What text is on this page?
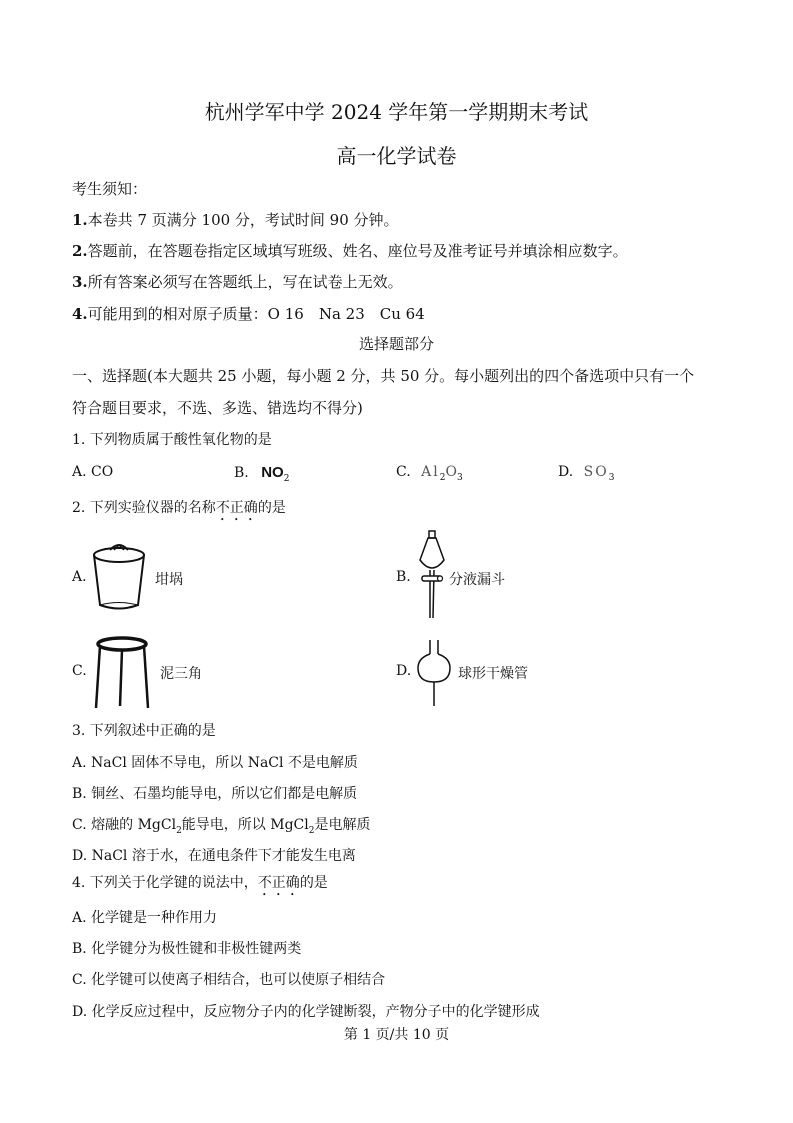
杭州学军中学 2024 学年第一学期期末考试
高一化学试卷
考生须知：
1.本卷共 7 页满分 100 分，考试时间 90 分钟。
2.答题前，在答题卷指定区域填写班级、姓名、座位号及准考证号并填涂相应数字。
3.所有答案必须写在答题纸上，写在试卷上无效。
4.可能用到的相对原子质量：O 16　Na 23　Cu 64
选择题部分
一、选择题(本大题共 25 小题，每小题 2 分，共 50 分。每小题列出的四个备选项中只有一个
符合题目要求，不选、多选、错选均不得分)
1. 下列物质属于酸性氧化物的是
A. CO	B. $NO_2$	C. $Al_2O_3$	D. $SO_3$
2. 下列实验仪器的名称不正确的是
A.	坩埚	B.	分液漏斗
C.	泥三角	D.	球形干燥管
3. 下列叙述中正确的是
A. NaCl 固体不导电，所以 NaCl 不是电解质
B. 铜丝、石墨均能导电，所以它们都是电解质
C. 熔融的 MgCl$_2$能导电，所以 MgCl$_2$是电解质
D. NaCl 溶于水，在通电条件下才能发生电离
4. 下列关于化学键的说法中，不正确的是
A. 化学键是一种作用力
B. 化学键分为极性键和非极性键两类
C. 化学键可以使离子相结合，也可以使原子相结合
D. 化学反应过程中，反应物分子内的化学键断裂，产物分子中的化学键形成
第 1 页/共 10 页
